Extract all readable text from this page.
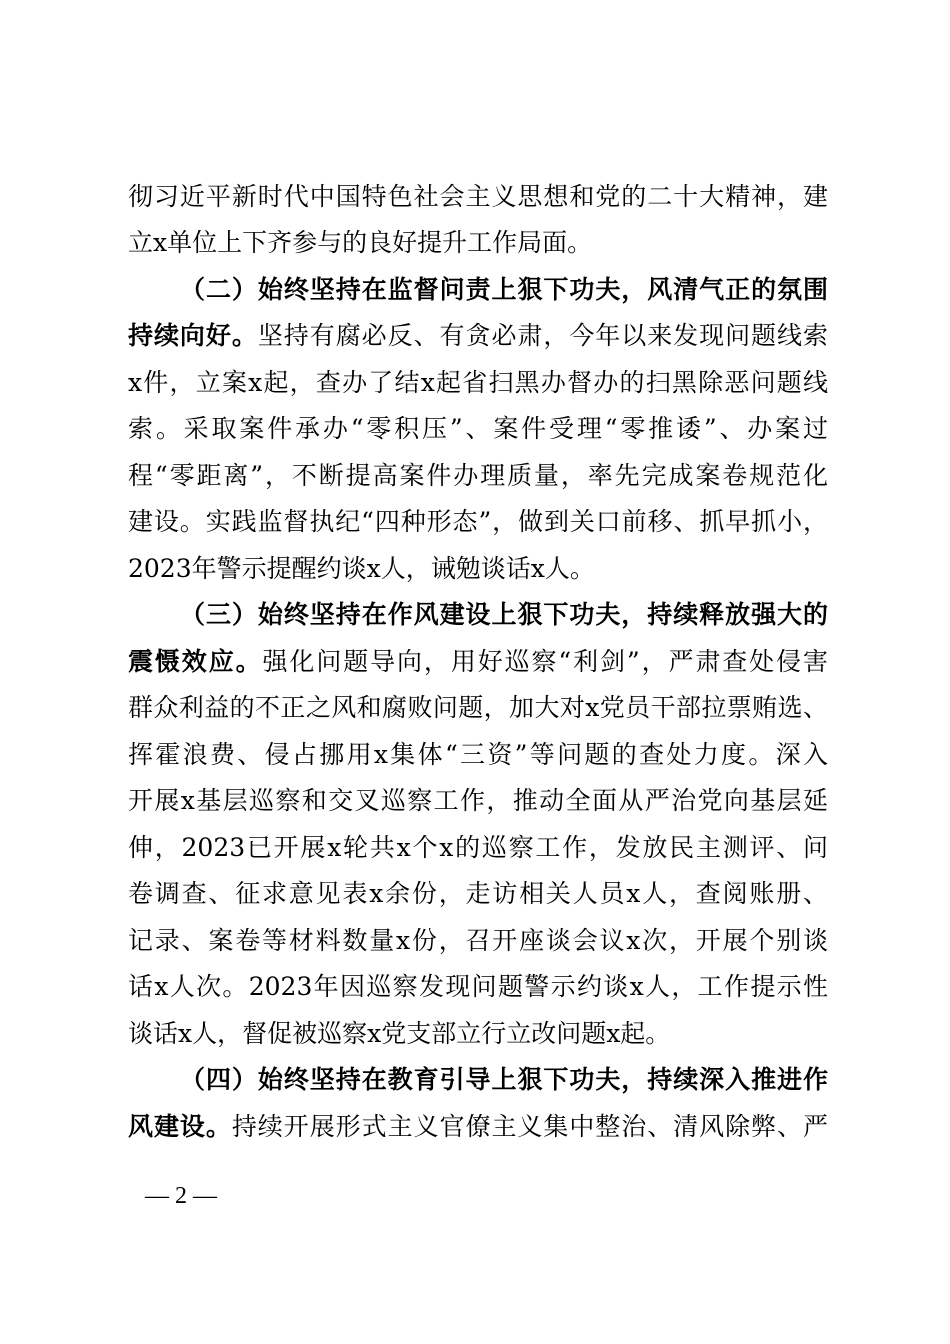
彻习近平新时代中国特色社会主义思想和党的二十大精神，建
立x单位上下齐参与的良好提升工作局面。
（二）始终坚持在监督问责上狠下功夫，风清气正的氛围
持续向好。坚持有腐必反、有贪必肃，今年以来发现问题线索
x件，立案x起，查办了结x起省扫黑办督办的扫黑除恶问题线
索。采取案件承办“零积压”、案件受理“零推诿”、办案过
程“零距离”，不断提高案件办理质量，率先完成案卷规范化
建设。实践监督执纪“四种形态”，做到关口前移、抓早抓小，
2023年警示提醒约谈x人，诫勉谈话x人。
（三）始终坚持在作风建设上狠下功夫，持续释放强大的
震慑效应。强化问题导向，用好巡察“利剑”，严肃查处侵害
群众利益的不正之风和腐败问题，加大对x党员干部拉票贿选、
挥霍浪费、侵占挪用x集体“三资”等问题的查处力度。深入
开展x基层巡察和交叉巡察工作，推动全面从严治党向基层延
伸，2023已开展x轮共x个x的巡察工作，发放民主测评、问
卷调查、征求意见表x余份，走访相关人员x人，查阅账册、
记录、案卷等材料数量x份，召开座谈会议x次，开展个别谈
话x人次。2023年因巡察发现问题警示约谈x人，工作提示性
谈话x人，督促被巡察x党支部立行立改问题x起。
（四）始终坚持在教育引导上狠下功夫，持续深入推进作
风建设。持续开展形式主义官僚主义集中整治、清风除弊、严
— 2 —
